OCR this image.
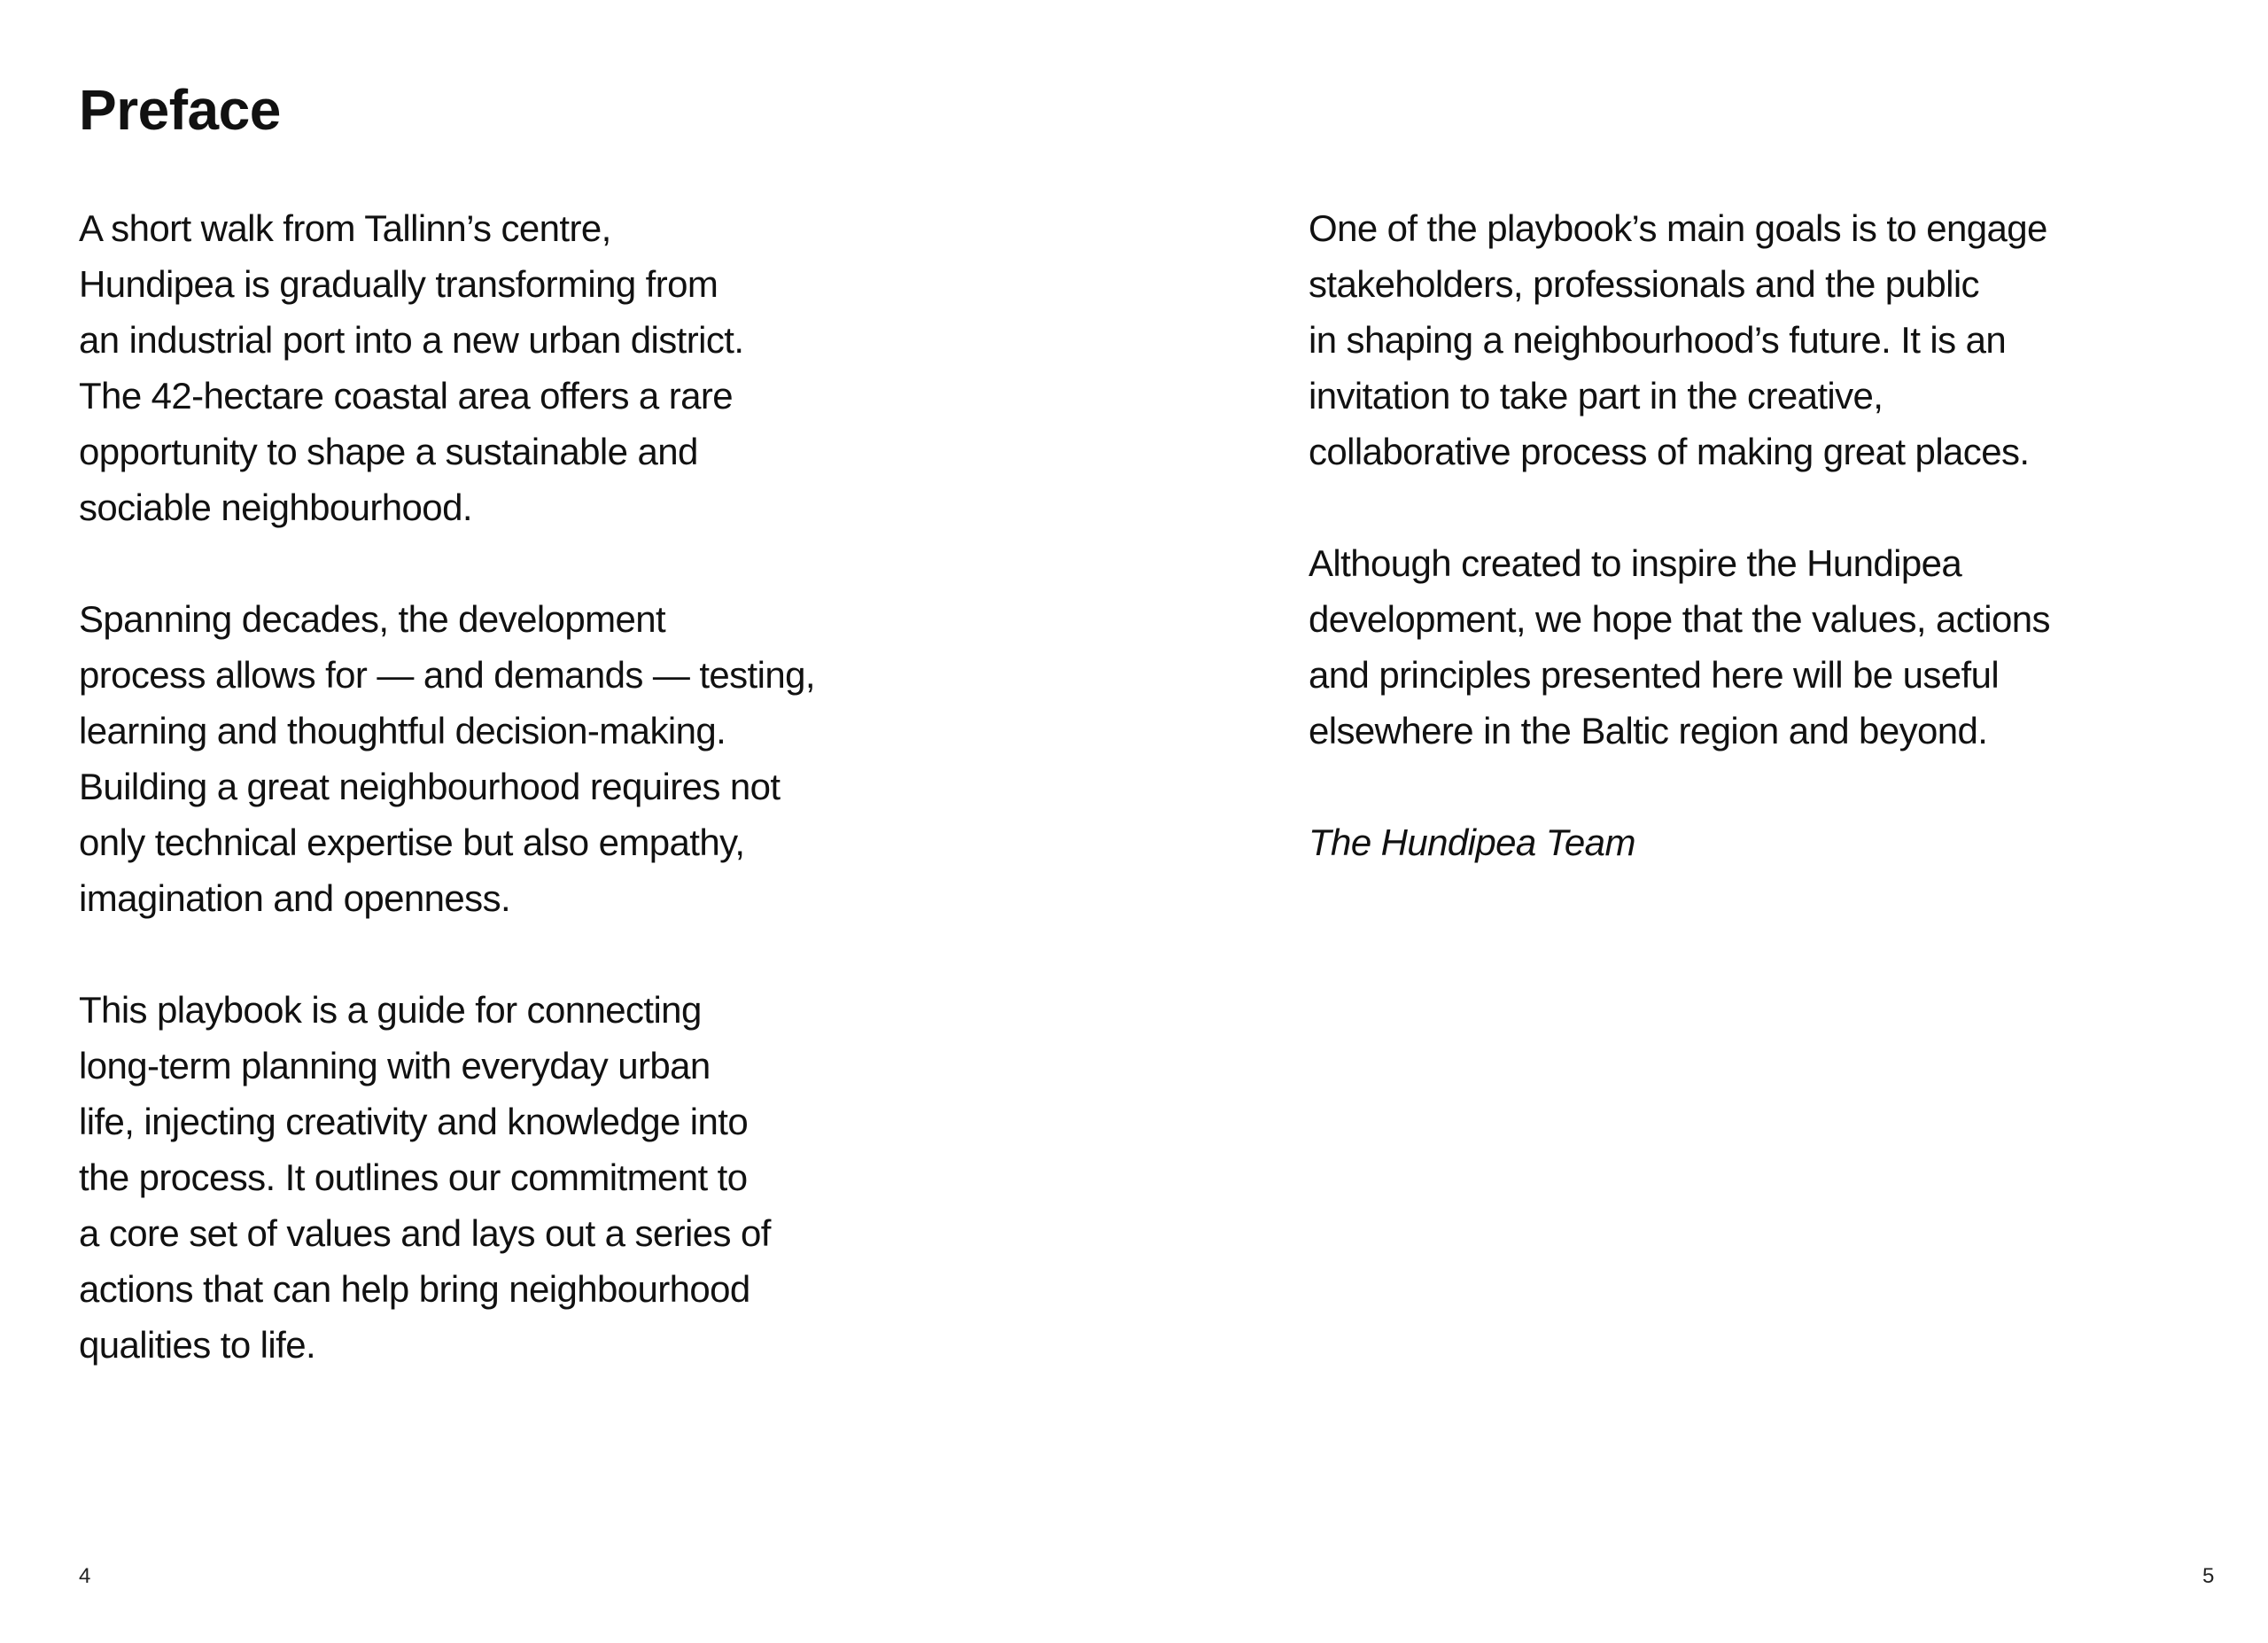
Preface

A short walk from Tallinn’s centre,
Hundipea is gradually transforming from
an industrial port into a new urban district.
The 42-hectare coastal area offers a rare
opportunity to shape a sustainable and
sociable neighbourhood.

Spanning decades, the development
process allows for — and demands — testing,
learning and thoughtful decision-making.
Building a great neighbourhood requires not
only technical expertise but also empathy,
imagination and openness.

This playbook is a guide for connecting
long-term planning with everyday urban
life, injecting creativity and knowledge into
the process. It outlines our commitment to
a core set of values and lays out a series of
actions that can help bring neighbourhood
qualities to life.

One of the playbook’s main goals is to engage
stakeholders, professionals and the public
in shaping a neighbourhood’s future. It is an
invitation to take part in the creative,
collaborative process of making great places.

Although created to inspire the Hundipea
development, we hope that the values, actions
and principles presented here will be useful
elsewhere in the Baltic region and beyond.

The Hundipea Team

4	5
